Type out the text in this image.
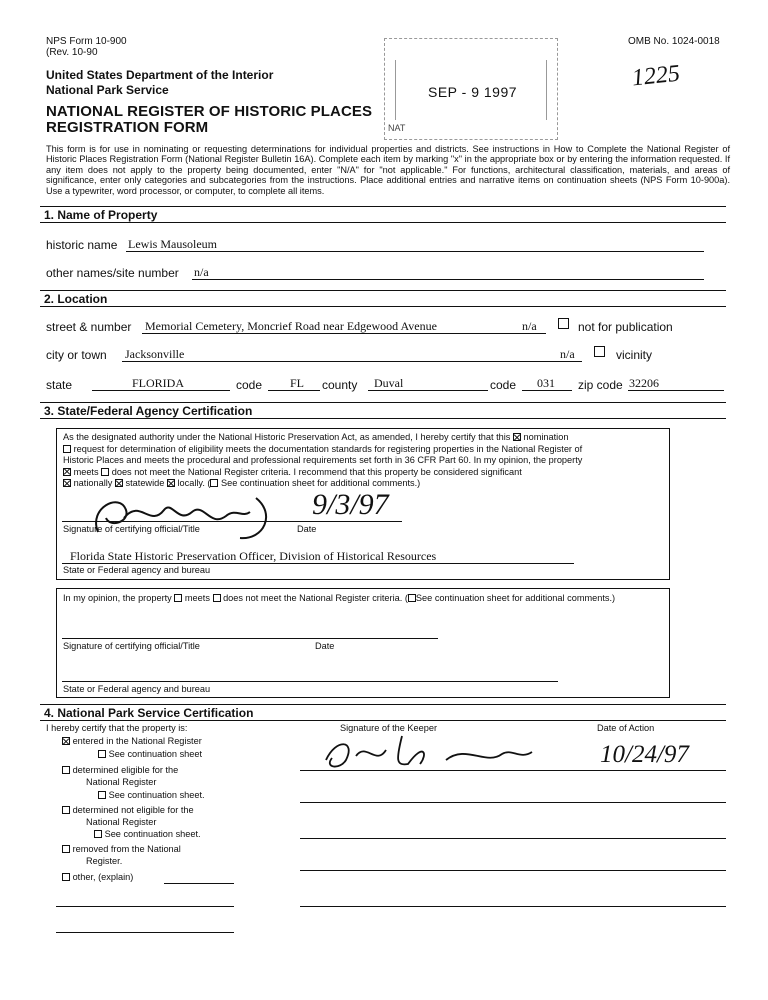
NPS Form 10-900
(Rev. 10-90
OMB No. 1024-0018
1225
United States Department of the Interior
National Park Service
NATIONAL REGISTER OF HISTORIC PLACES
REGISTRATION FORM
SEP - 9 1997
NAT
This form is for use in nominating or requesting determinations for individual properties and districts. See instructions in How to Complete the National Register of Historic Places Registration Form (National Register Bulletin 16A). Complete each item by marking "x" in the appropriate box or by entering the information requested. If any item does not apply to the property being documented, enter "N/A" for "not applicable." For functions, architectural classification, materials, and areas of significance, enter only categories and subcategories from the instructions. Place additional entries and narrative items on continuation sheets (NPS Form 10-900a). Use a typewriter, word processor, or computer, to complete all items.
1. Name of Property
historic name Lewis Mausoleum
other names/site number n/a
2. Location
street & number Memorial Cemetery, Moncrief Road near Edgewood Avenue	n/a	not for publication
city or town Jacksonville	n/a	vicinity
state	FLORIDA	code FL county Duval	code 031 zip code 32206
3. State/Federal Agency Certification
As the designated authority under the National Historic Preservation Act, as amended, I hereby certify that this nomination
request for determination of eligibility meets the documentation standards for registering properties in the National Register of
Historic Places and meets the procedural and professional requirements set forth in 36 CFR Part 60. In my opinion, the property
meets does not meet the National Register criteria. I recommend that this property be considered significant
nationally statewide locally. ( See continuation sheet for additional comments.)
9/3/97
Signature of certifying official/Title	Date
Florida State Historic Preservation Officer, Division of Historical Resources
State or Federal agency and bureau
In my opinion, the property meets does not meet the National Register criteria. ( See continuation sheet for additional comments.)
Signature of certifying official/Title	Date
State or Federal agency and bureau
4. National Park Service Certification
I hereby certify that the property is:	Signature of the Keeper	Date of Action
10/24/97
entered in the National Register
See continuation sheet
determined eligible for the
National Register
See continuation sheet.
determined not eligible for the
National Register
See continuation sheet.
removed from the National
Register.
other, (explain)
